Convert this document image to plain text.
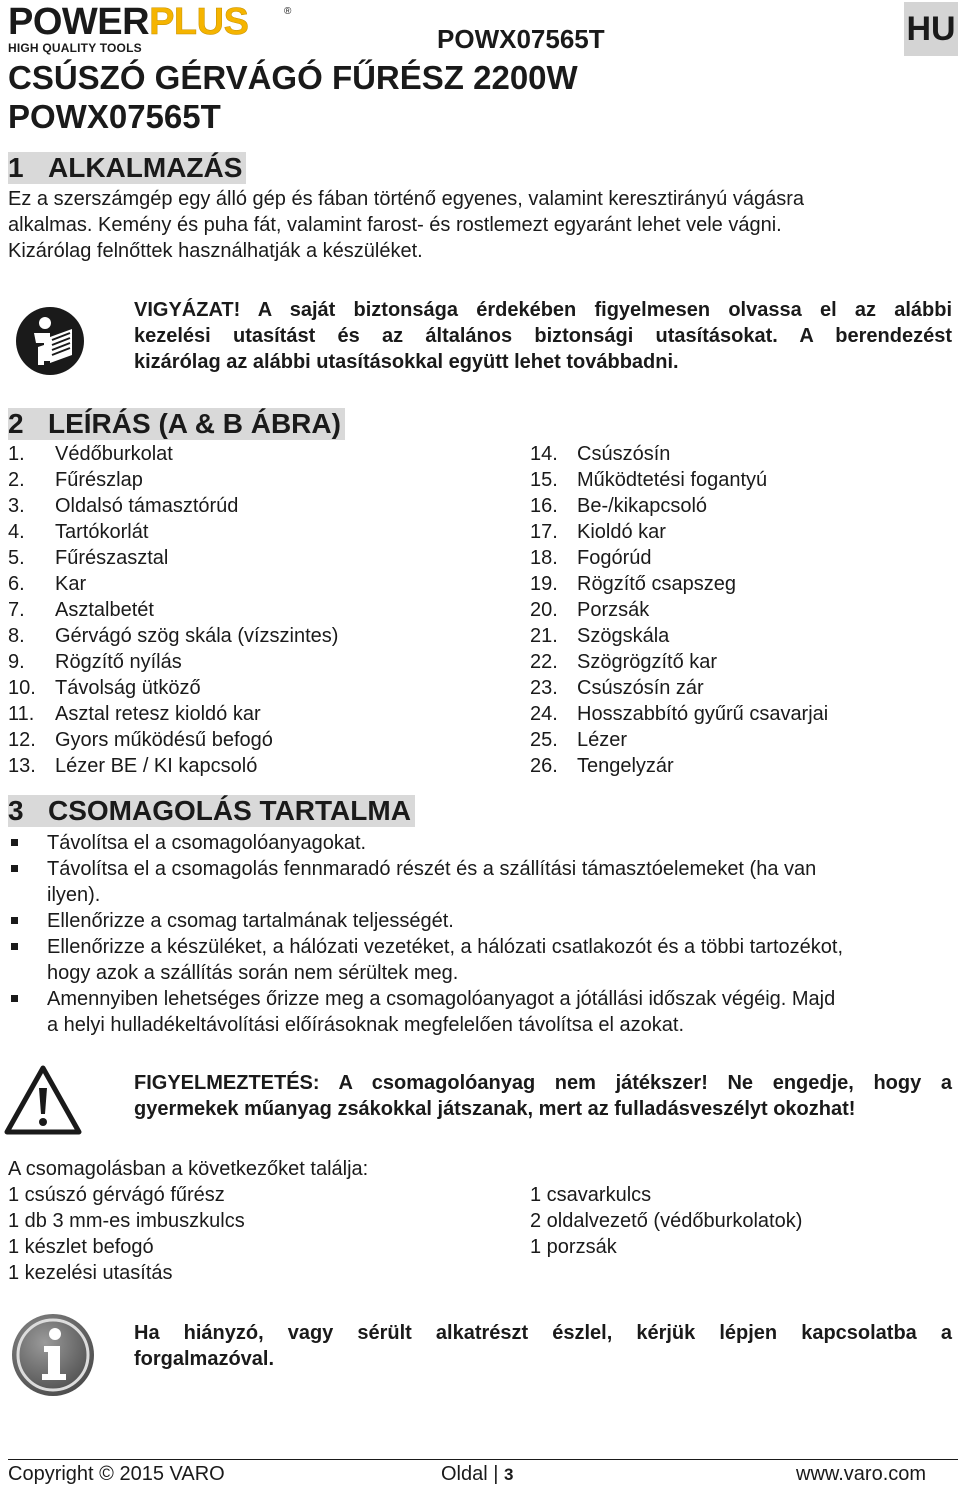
POWERPLUS
HIGH QUALITY TOOLS
®
POWX07565T	HU
CSÚSZÓ GÉRVÁGÓ FŰRÉSZ 2200W
POWX07565T
1 ALKALMAZÁS
Ez a szerszámgép egy álló gép és fában történő egyenes, valamint keresztirányú vágásra
alkalmas. Kemény és puha fát, valamint farost- és rostlemezt egyaránt lehet vele vágni.
Kizárólag felnőttek használhatják a készüléket.
VIGYÁZAT! A saját biztonsága érdekében figyelmesen olvassa el az alábbi
kezelési utasítást és az általános biztonsági utasításokat. A berendezést
kizárólag az alábbi utasításokkal együtt lehet továbbadni.
2 LEÍRÁS (A & B ÁBRA)
1.	Védőburkolat
2.	Fűrészlap
3.	Oldalsó támasztórúd
4.	Tartókorlát
5.	Fűrészasztal
6.	Kar
7.	Asztalbetét
8.	Gérvágó szög skála (vízszintes)
9.	Rögzítő nyílás
10. Távolság ütköző
11.	Asztal retesz kioldó kar
12. Gyors működésű befogó
13. Lézer BE / KI kapcsoló
14. Csúszósín
15. Működtetési fogantyú
16. Be-/kikapcsoló
17. Kioldó kar
18. Fogórúd
19. Rögzítő csapszeg
20. Porzsák
21. Szögskála
22. Szögrögzítő kar
23. Csúszósín zár
24. Hosszabbító gyűrű csavarjai
25. Lézer
26. Tengelyzár
3 CSOMAGOLÁS TARTALMA
Távolítsa el a csomagolóanyagokat.
Távolítsa el a csomagolás fennmaradó részét és a szállítási támasztóelemeket (ha van
ilyen).
Ellenőrizze a csomag tartalmának teljességét.
Ellenőrizze a készüléket, a hálózati vezetéket, a hálózati csatlakozót és a többi tartozékot,
hogy azok a szállítás során nem sérültek meg.
Amennyiben lehetséges őrizze meg a csomagolóanyagot a jótállási időszak végéig. Majd
a helyi hulladékeltávolítási előírásoknak megfelelően távolítsa el azokat.
FIGYELMEZTETÉS: A csomagolóanyag nem játékszer! Ne engedje, hogy a
gyermekek műanyag zsákokkal játszanak, mert az fulladásveszélyt okozhat!
A csomagolásban a következőket találja:
1 csúszó gérvágó fűrész
1 db 3 mm-es imbuszkulcs
1 készlet befogó
1 kezelési utasítás
1 csavarkulcs
2 oldalvezető (védőburkolatok)
1 porzsák
Ha hiányzó, vagy sérült alkatrészt észlel, kérjük lépjen kapcsolatba a
forgalmazóval.
Copyright © 2015 VARO	Oldal | 3	www.varo.com
